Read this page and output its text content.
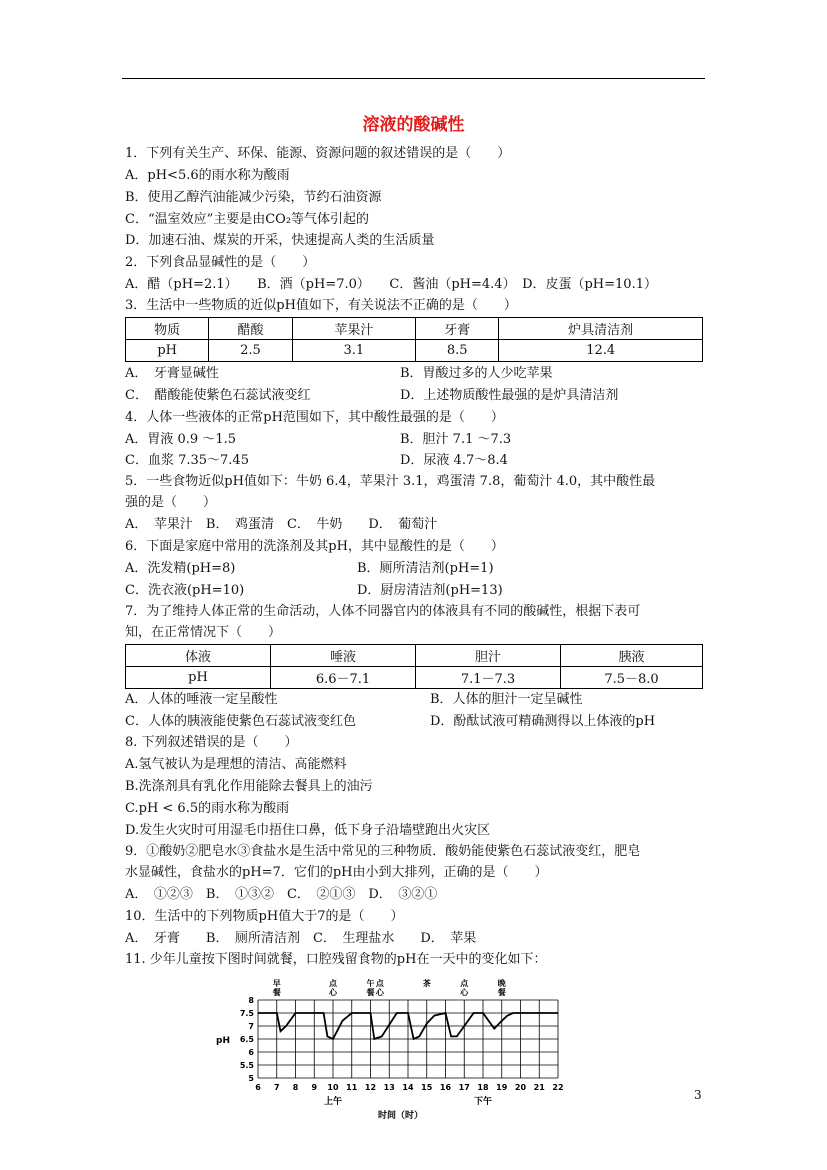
溶液的酸碱性
1．下列有关生产、环保、能源、资源问题的叙述错误的是（　　）
A．pH<5.6的雨水称为酸雨
B．使用乙醇汽油能减少污染，节约石油资源
C．“温室效应”主要是由CO₂等气体引起的
D．加速石油、煤炭的开采，快速提高人类的生活质量
2．下列食品显碱性的是（　　）
A．醋（pH=2.1）　　B．酒（pH=7.0）　　C．酱油（pH=4.4）　D．皮蛋（pH=10.1）
3．生活中一些物质的近似pH值如下，有关说法不正确的是（　　）
物质	醋酸	苹果汁	牙膏	炉具清洁剂
pH	2.5	3.1	8.5	12.4
A．　牙膏显碱性	B．胃酸过多的人少吃苹果
C．　醋酸能使紫色石蕊试液变红	D．上述物质酸性最强的是炉具清洁剂
4．人体一些液体的正常pH范围如下，其中酸性最强的是（　　）
A．胃液 0.9 ～1.5	B．胆汁 7.1 ～7.3
C．血浆 7.35～7.45	D．尿液 4.7～8.4
5．一些食物近似pH值如下：牛奶 6.4，苹果汁 3.1，鸡蛋清 7.8，葡萄汁 4.0，其中酸性最
强的是（　　）
A．　苹果汁　B．　鸡蛋清　C．　牛奶　　D．　葡萄汁
6．下面是家庭中常用的洗涤剂及其pH，其中显酸性的是（　　）
A．洗发精(pH=8)	B．厕所清洁剂(pH=1)
C．洗衣液(pH=10)	D．厨房清洁剂(pH=13)
7．为了维持人体正常的生命活动，人体不同器官内的体液具有不同的酸碱性，根据下表可
知，在正常情况下（　　）
体液	唾液	胆汁	胰液
pH	6.6－7.1	7.1－7.3	7.5－8.0
A．人体的唾液一定呈酸性	B．人体的胆汁一定呈碱性
C．人体的胰液能使紫色石蕊试液变红色	D．酚酞试液可精确测得以上体液的pH
8. 下列叙述错误的是（　　）
A.氢气被认为是理想的清洁、高能燃料
B.洗涤剂具有乳化作用能除去餐具上的油污
C.pH < 6.5的雨水称为酸雨
D.发生火灾时可用湿毛巾捂住口鼻，低下身子沿墙壁跑出火灾区
9．①酸奶②肥皂水③食盐水是生活中常见的三种物质．酸奶能使紫色石蕊试液变红，肥皂
水显碱性，食盐水的pH=7．它们的pH由小到大排列，正确的是（　　）
A．　①②③　B．　①③②　C．　②①③　D．　③②①
10．生活中的下列物质pH值大于7的是（　　）
A．　牙膏　　B．　厕所清洁剂　C．　生理盐水　　D．　苹果
11. 少年儿童按下图时间就餐，口腔残留食物的pH在一天中的变化如下：
6 7 8 9 10 11 12 13 14 15 16 17 18 19 20 21 22
5
5.5
6
6.5
7
7.5
8
pH
时间（时）
早
餐
点
心
午
餐
点
心
茶	点
心
晚
餐
上午	下午	3
